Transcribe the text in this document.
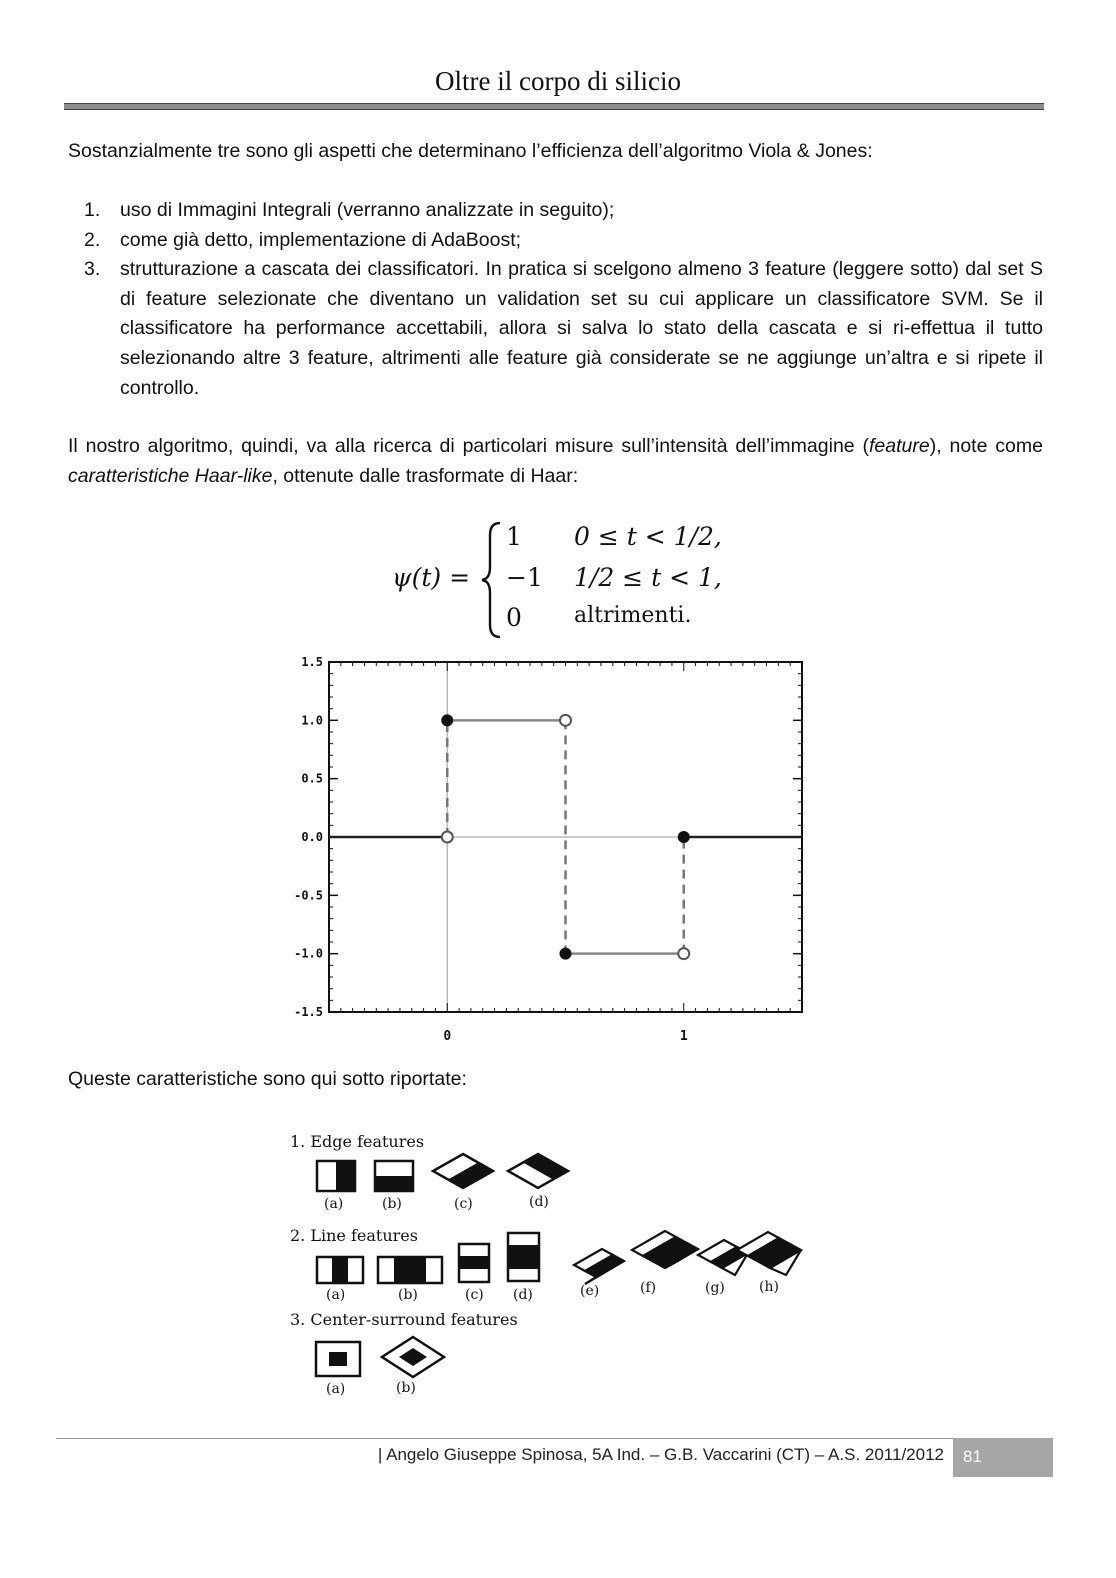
Oltre il corpo di silicio
Sostanzialmente tre sono gli aspetti che determinano l’efficienza dell’algoritmo Viola & Jones:
1.	uso di Immagini Integrali (verranno analizzate in seguito);
2.	come già detto, implementazione di AdaBoost;
3.	strutturazione a cascata dei classificatori. In pratica si scelgono almeno 3 feature (leggere sotto) dal set S di feature selezionate che diventano un validation set su cui applicare un classificatore SVM. Se il classificatore ha performance accettabili, allora si salva lo stato della cascata e si ri-effettua il tutto selezionando altre 3 feature, altrimenti alle feature già considerate se ne aggiunge un’altra e si ripete il controllo.
Il nostro algoritmo, quindi, va alla ricerca di particolari misure sull’intensità dell’immagine (feature), note come caratteristiche Haar-like, ottenute dalle trasformate di Haar:
ψ(t) =
1 0 ≤ t < 1/2,
−1 1/2 ≤ t < 1,
0 altrimenti.
1.5
1.0
0.5
0.0
-0.5
-1.0
-1.5
0	1
Queste caratteristiche sono qui sotto riportate:
1. Edge features
(a)	(b)	(c)	(d)
2. Line features
(a)	(b)	(c) (d)	(e)	(f)	(g) (h)
3. Center-surround features
(a)	(b)
| Angelo Giuseppe Spinosa, 5A Ind. – G.B. Vaccarini (CT) – A.S. 2011/2012 81
